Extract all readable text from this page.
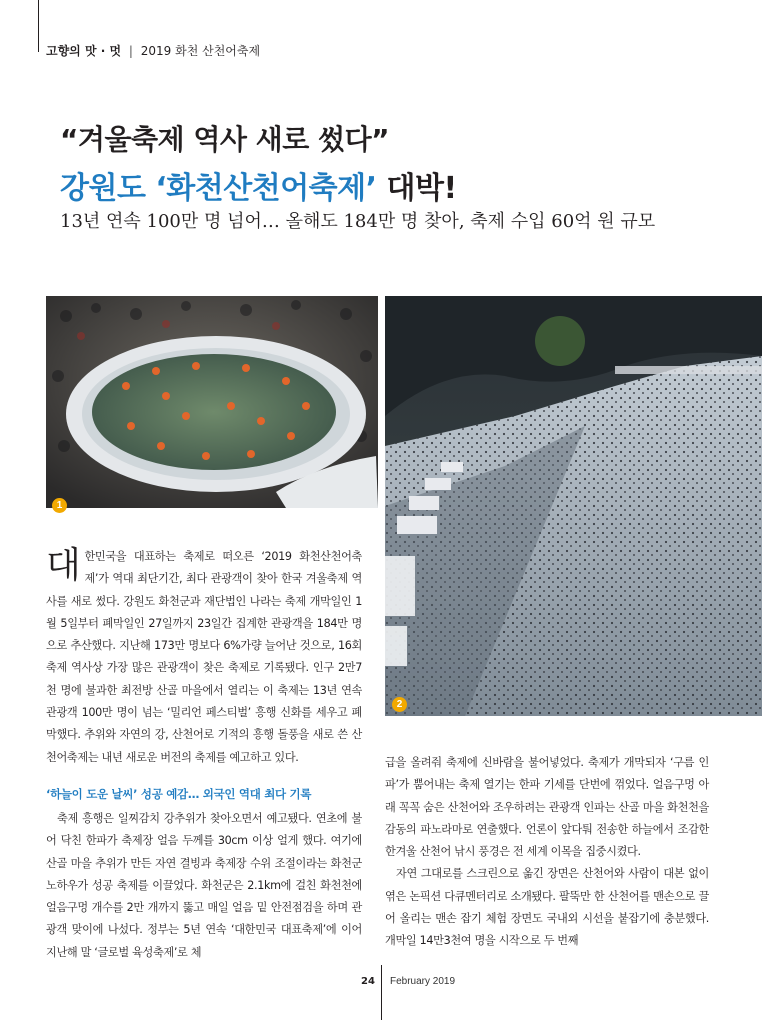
고향의 맛 · 멋 | 2019 화천 산천어축제
“겨울축제 역사 새로 썼다”
강원도 ‘화천산천어축제’ 대박!
13년 연속 100만 명 넘어… 올해도 184만 명 찾아, 축제 수입 60억 원 규모
1
2
대한민국을 대표하는 축제로 떠오른 ‘2019 화천산천어축제’가 역대 최단기간, 최다 관광객이 찾아 한국 겨울축제 역사를 새로 썼다. 강원도 화천군과 재단법인 나라는 축제 개막일인 1월 5일부터 폐막일인 27일까지 23일간 집계한 관광객을 184만 명으로 추산했다. 지난해 173만 명보다 6%가량 늘어난 것으로, 16회 축제 역사상 가장 많은 관광객이 찾은 축제로 기록됐다. 인구 2만7천 명에 불과한 최전방 산골 마을에서 열리는 이 축제는 13년 연속 관광객 100만 명이 넘는 ‘밀리언 페스티벌’ 흥행 신화를 세우고 폐막했다. 추위와 자연의 강, 산천어로 기적의 흥행 돌풍을 새로 쓴 산천어축제는 내년 새로운 버전의 축제를 예고하고 있다.
‘하늘이 도운 날씨’ 성공 예감… 외국인 역대 최다 기록

축제 흥행은 일찌감치 강추위가 찾아오면서 예고됐다. 연초에 불어 닥친 한파가 축제장 얼음 두께를 30cm 이상 얼게 했다. 여기에 산골 마을 추위가 만든 자연 결빙과 축제장 수위 조절이라는 화천군 노하우가 성공 축제를 이끌었다. 화천군은 2.1km에 걸친 화천천에 얼음구멍 개수를 2만 개까지 뚫고 매일 얼음 밑 안전점검을 하며 관광객 맞이에 나섰다. 정부는 5년 연속 ‘대한민국 대표축제’에 이어 지난해 말 ‘글로벌 육성축제’로 체

급을 올려줘 축제에 신바람을 불어넣었다. 축제가 개막되자 ‘구름 인파’가 뿜어내는 축제 열기는 한파 기세를 단번에 꺾었다. 얼음구멍 아래 꼭꼭 숨은 산천어와 조우하려는 관광객 인파는 산골 마을 화천천을 감동의 파노라마로 연출했다. 언론이 앞다퉈 전송한 하늘에서 조감한 한겨울 산천어 낚시 풍경은 전 세계 이목을 집중시켰다.

자연 그대로를 스크린으로 옮긴 장면은 산천어와 사람이 대본 없이 엮은 논픽션 다큐멘터리로 소개됐다. 팔뚝만 한 산천어를 맨손으로 끌어 올리는 맨손 잡기 체험 장면도 국내외 시선을 붙잡기에 충분했다. 개막일 14만3천여 명을 시작으로 두 번째

24 February 2019
